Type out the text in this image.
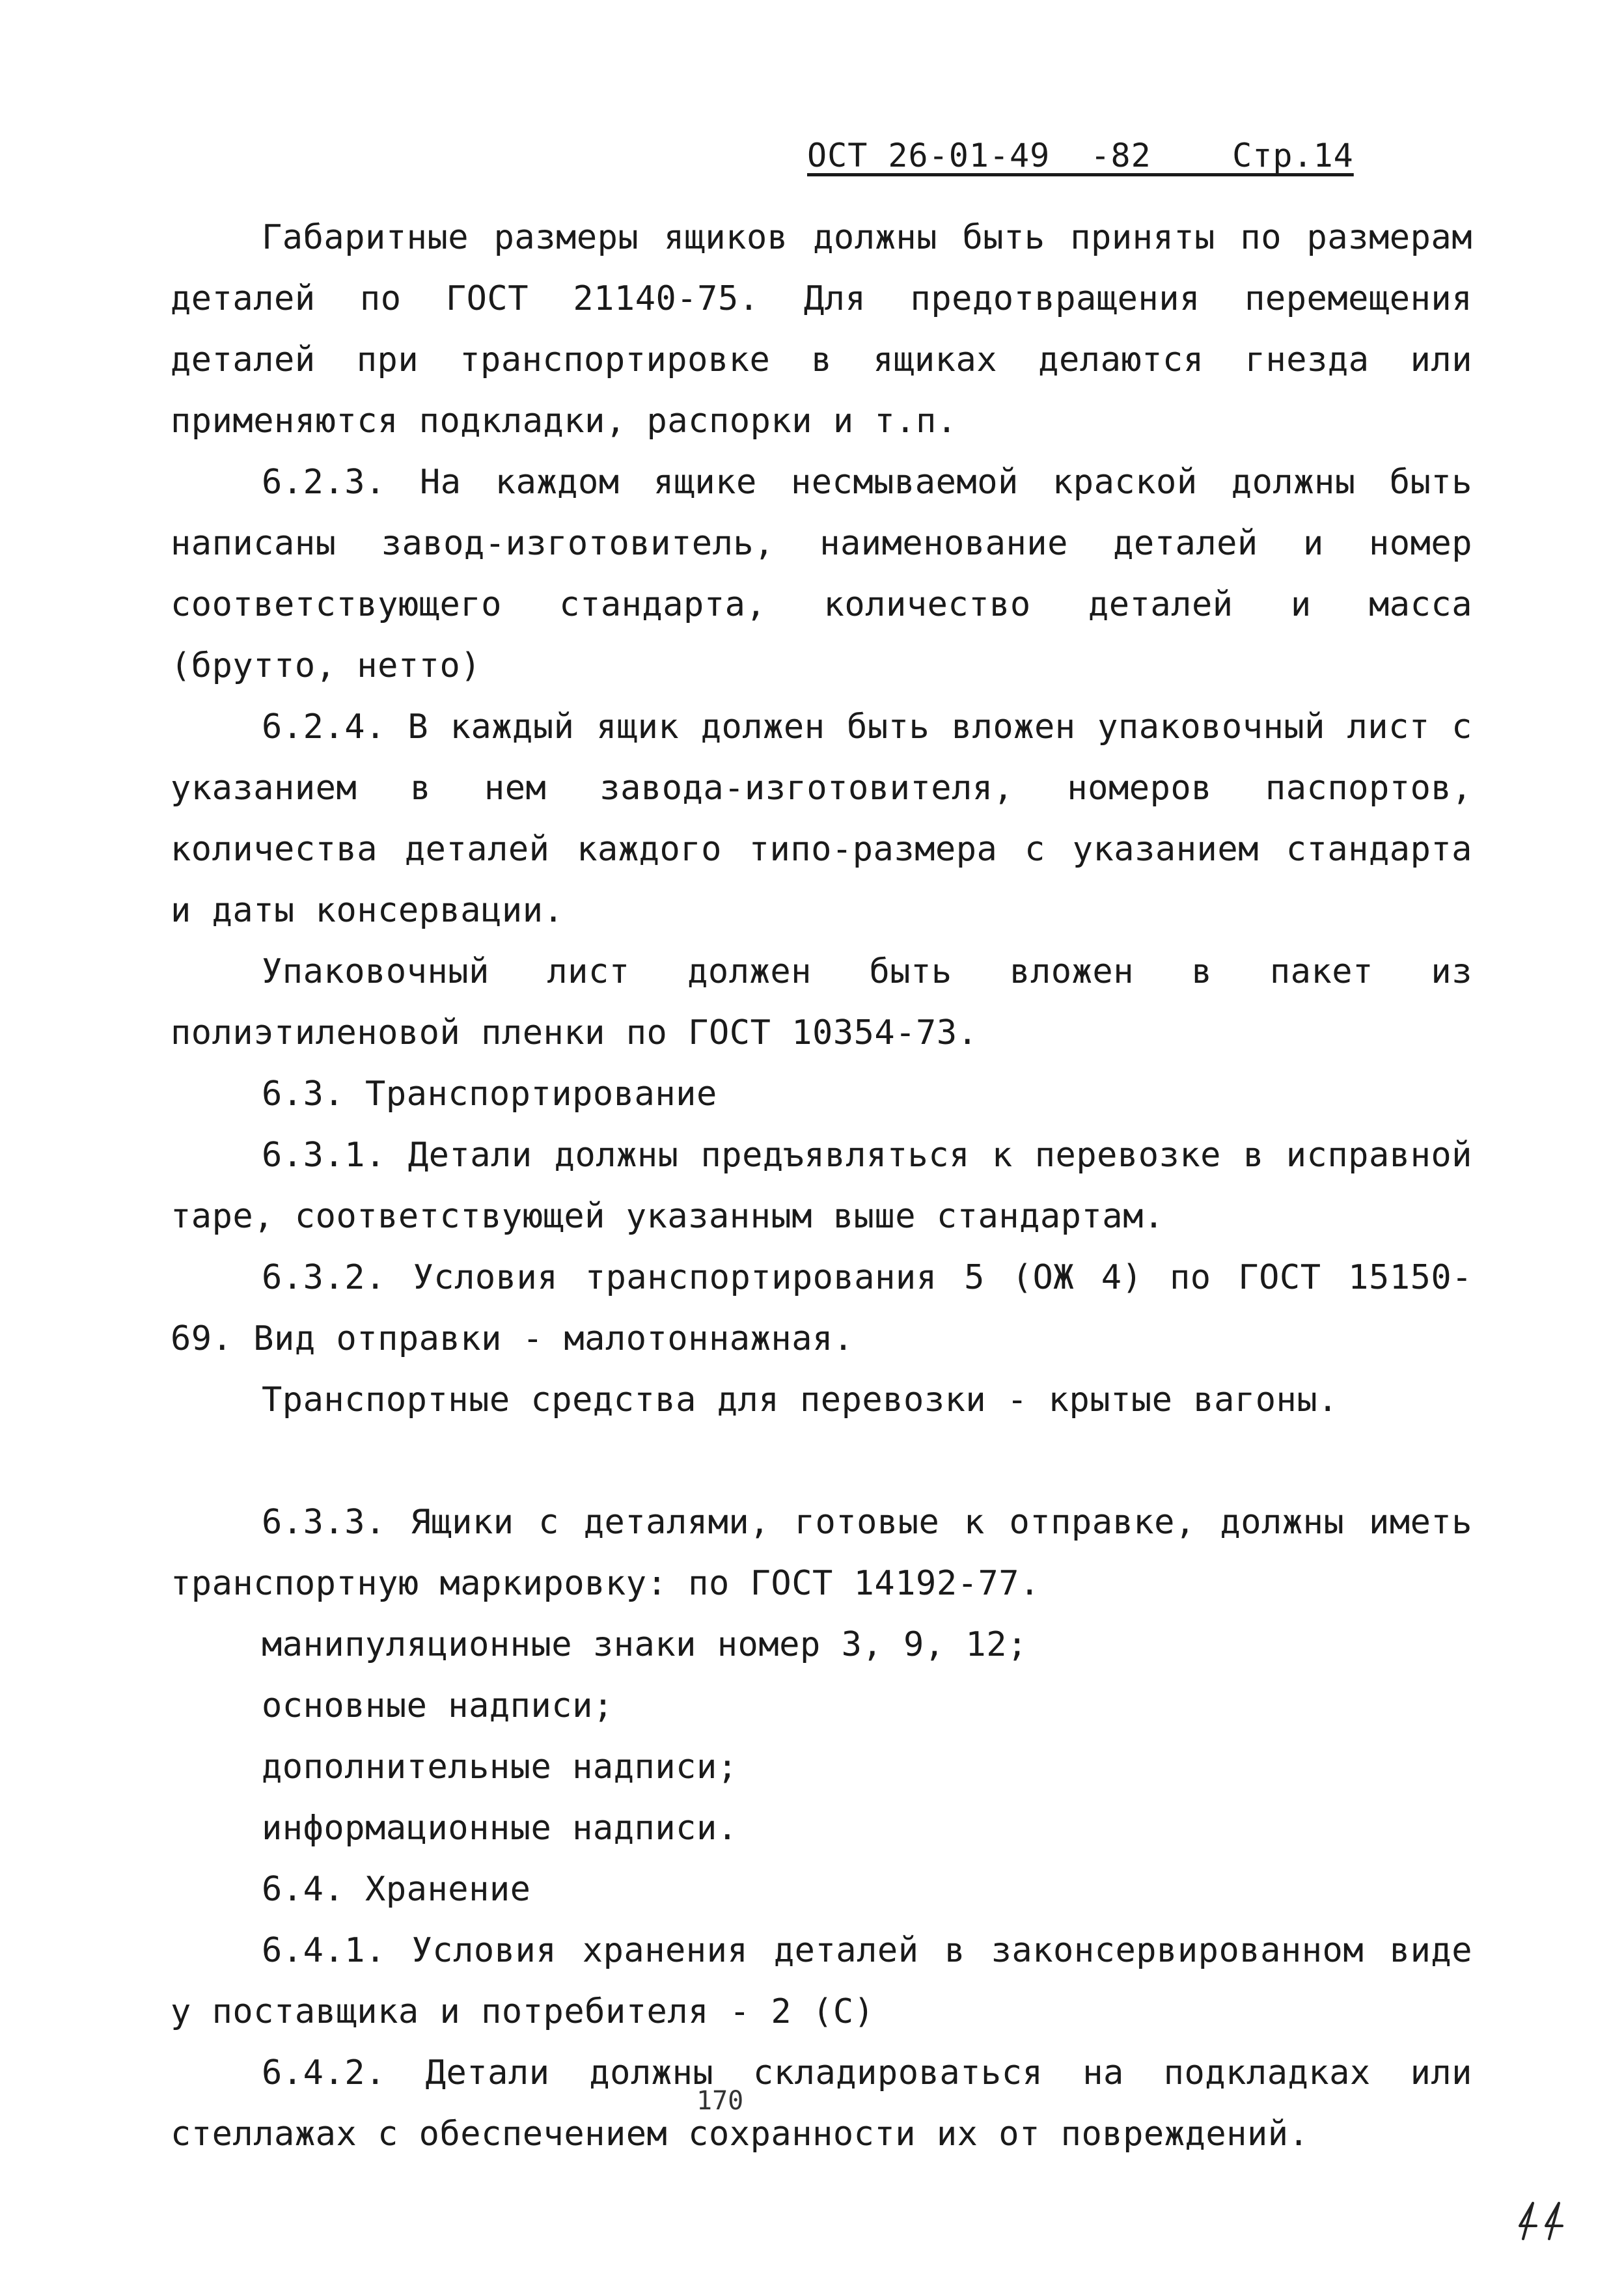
ОСТ 26-01-49  -82    Стр.14

Габаритные размеры ящиков должны быть приняты по размерам деталей по ГОСТ 21140-75. Для предотвращения перемещения деталей при транспортировке в ящиках делаются гнезда или применяются подкладки, распорки и т.п.

6.2.3. На каждом ящике несмываемой краской должны быть написаны завод-изготовитель, наименование деталей и номер соответствующего стандарта, количество деталей и масса (брутто, нетто)

6.2.4. В каждый ящик должен быть вложен упаковочный лист с указанием в нем завода-изготовителя, номеров паспортов, количества деталей каждого типо-размера с указанием стандарта и даты консервации.

Упаковочный лист должен быть вложен в пакет из полиэтиленовой пленки по ГОСТ 10354-73.

6.3. Транспортирование

6.3.1. Детали должны предъявляться к перевозке в исправной таре, соответствующей указанным выше стандартам.

6.3.2. Условия транспортирования 5 (ОЖ 4) по ГОСТ 15150-69. Вид отправки - малотоннажная.

Транспортные средства для перевозки - крытые вагоны.

6.3.3. Ящики с деталями, готовые к отправке, должны иметь транспортную маркировку: по ГОСТ 14192-77.

манипуляционные знаки номер 3, 9, 12;

основные надписи;

дополнительные надписи;

информационные надписи.

6.4. Хранение

6.4.1. Условия хранения деталей в законсервированном виде у поставщика и потребителя - 2 (С)

6.4.2. Детали должны складироваться на подкладках или стеллажах с обеспечением сохранности их от повреждений.

170
